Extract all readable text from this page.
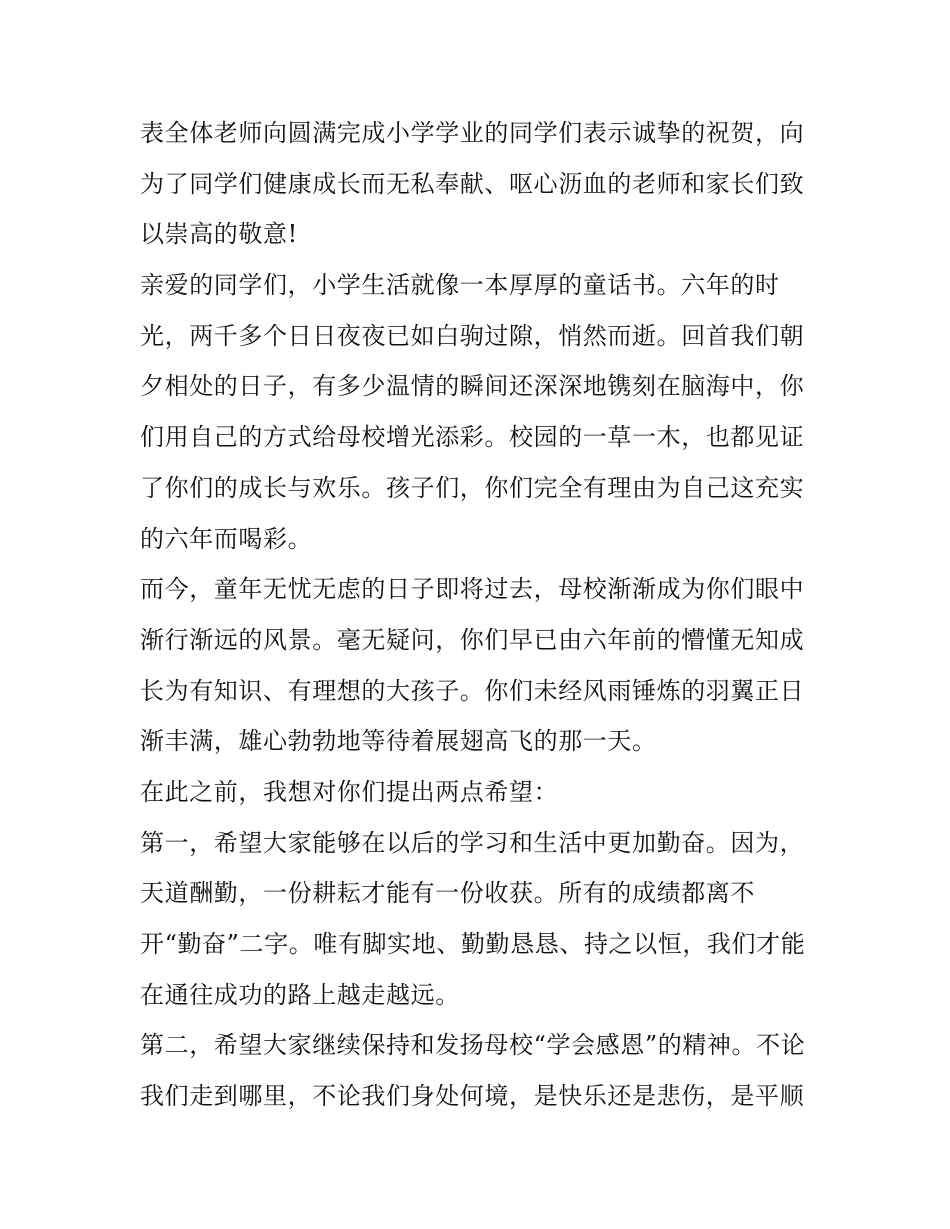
表全体老师向圆满完成小学学业的同学们表示诚挚的祝贺，向
为了同学们健康成长而无私奉献、呕心沥血的老师和家长们致
以崇高的敬意!
亲爱的同学们，小学生活就像一本厚厚的童话书。六年的时
光，两千多个日日夜夜已如白驹过隙，悄然而逝。回首我们朝
夕相处的日子，有多少温情的瞬间还深深地镌刻在脑海中，你
们用自己的方式给母校增光添彩。校园的一草一木，也都见证
了你们的成长与欢乐。孩子们，你们完全有理由为自己这充实
的六年而喝彩。
而今，童年无忧无虑的日子即将过去，母校渐渐成为你们眼中
渐行渐远的风景。毫无疑问，你们早已由六年前的懵懂无知成
长为有知识、有理想的大孩子。你们未经风雨锤炼的羽翼正日
渐丰满，雄心勃勃地等待着展翅高飞的那一天。
在此之前，我想对你们提出两点希望：
第一，希望大家能够在以后的学习和生活中更加勤奋。因为，
天道酬勤，一份耕耘才能有一份收获。所有的成绩都离不
开“勤奋”二字。唯有脚实地、勤勤恳恳、持之以恒，我们才能
在通往成功的路上越走越远。
第二，希望大家继续保持和发扬母校“学会感恩”的精神。不论
我们走到哪里，不论我们身处何境，是快乐还是悲伤，是平顺
